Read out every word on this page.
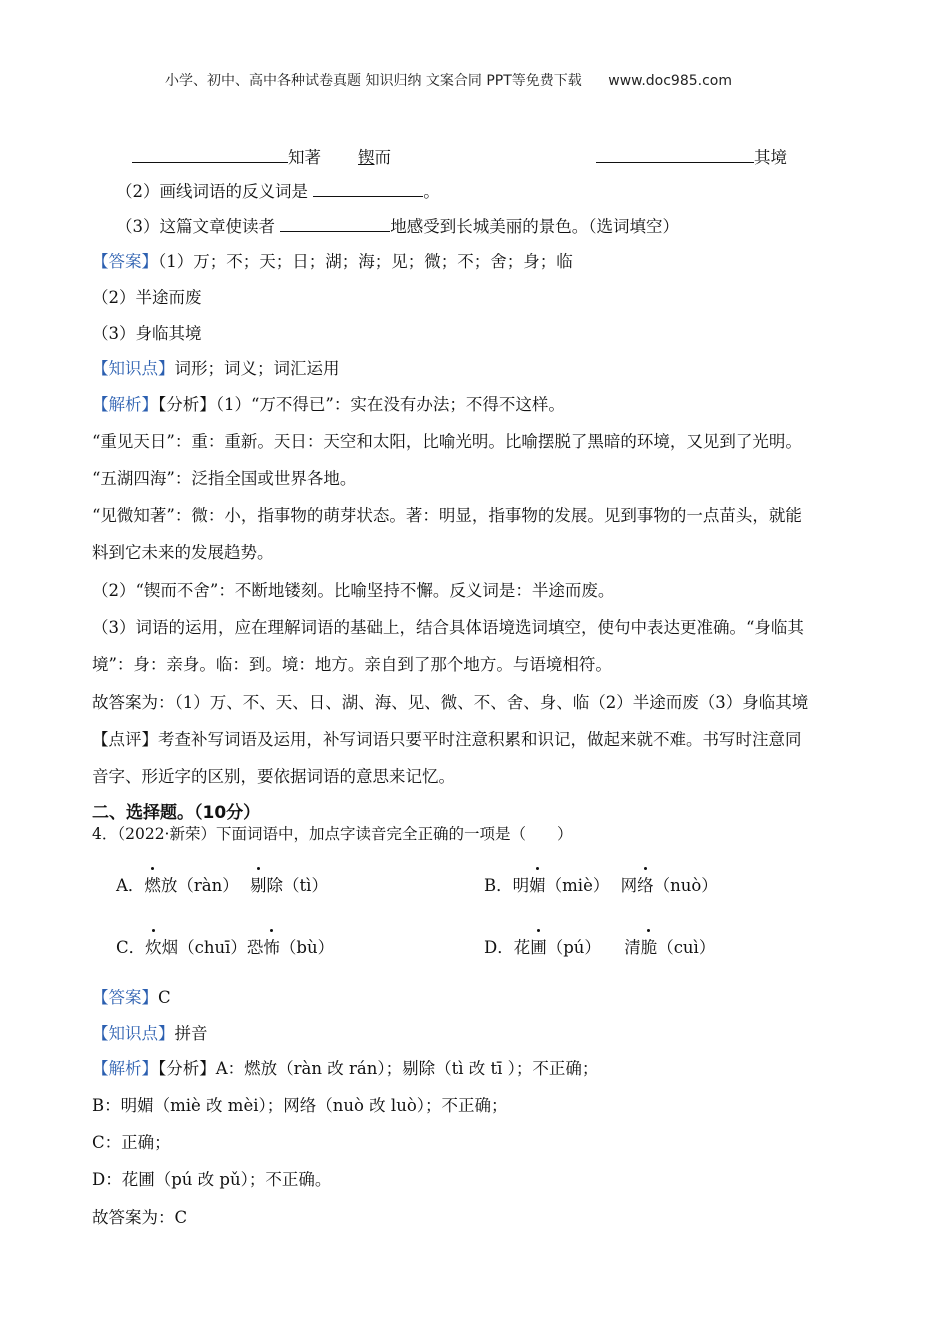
小学、初中、高中各种试卷真题 知识归纳 文案合同 PPT等免费下载 www.doc985.com
知著 锲而	其境
（2）画线词语的反义词是	。
（3）这篇文章使读者	地感受到长城美丽的景色。（选词填空）
【答案】（1）万；不；天；日；湖；海；见；微；不；舍；身；临
（2）半途而废
（3）身临其境
【知识点】词形；词义；词汇运用
【解析】【分析】（1）“万不得已”：实在没有办法；不得不这样。
“重见天日”：重：重新。天日：天空和太阳，比喻光明。比喻摆脱了黑暗的环境，又见到了光明。
“五湖四海”：泛指全国或世界各地。
“见微知著”：微：小，指事物的萌芽状态。著：明显，指事物的发展。见到事物的一点苗头，就能
料到它未来的发展趋势。
（2）“锲而不舍”：不断地镂刻。比喻坚持不懈。反义词是：半途而废。
（3）词语的运用，应在理解词语的基础上，结合具体语境选词填空，使句中表达更准确。“身临其
境”：身：亲身。临：到。境：地方。亲自到了那个地方。与语境相符。
故答案为：（1）万、不、天、日、湖、海、见、微、不、舍、身、临（2）半途而废（3）身临其境
【点评】考查补写词语及运用，补写词语只要平时注意积累和识记，做起来就不难。书写时注意同
音字、形近字的区别，要依据词语的意思来记忆。
二、选择题。（10分）
4．（2022·新荣）下面词语中，加点字读音完全正确的一项是（　　）
A．燃放（ràn） 剔除（tì）	B．明媚（miè） 网络（nuò）
C．炊烟（chuī）恐怖（bù）	D．花圃（pú） 清脆（cuì）
【答案】C
【知识点】拼音
【解析】【分析】A：燃放（ràn 改 rán）；剔除（tì 改 tī ）；不正确；
B：明媚（miè 改 mèi）；网络（nuò 改 luò）；不正确；
C：正确；
D：花圃（pú 改 pǔ）；不正确。
故答案为：C
